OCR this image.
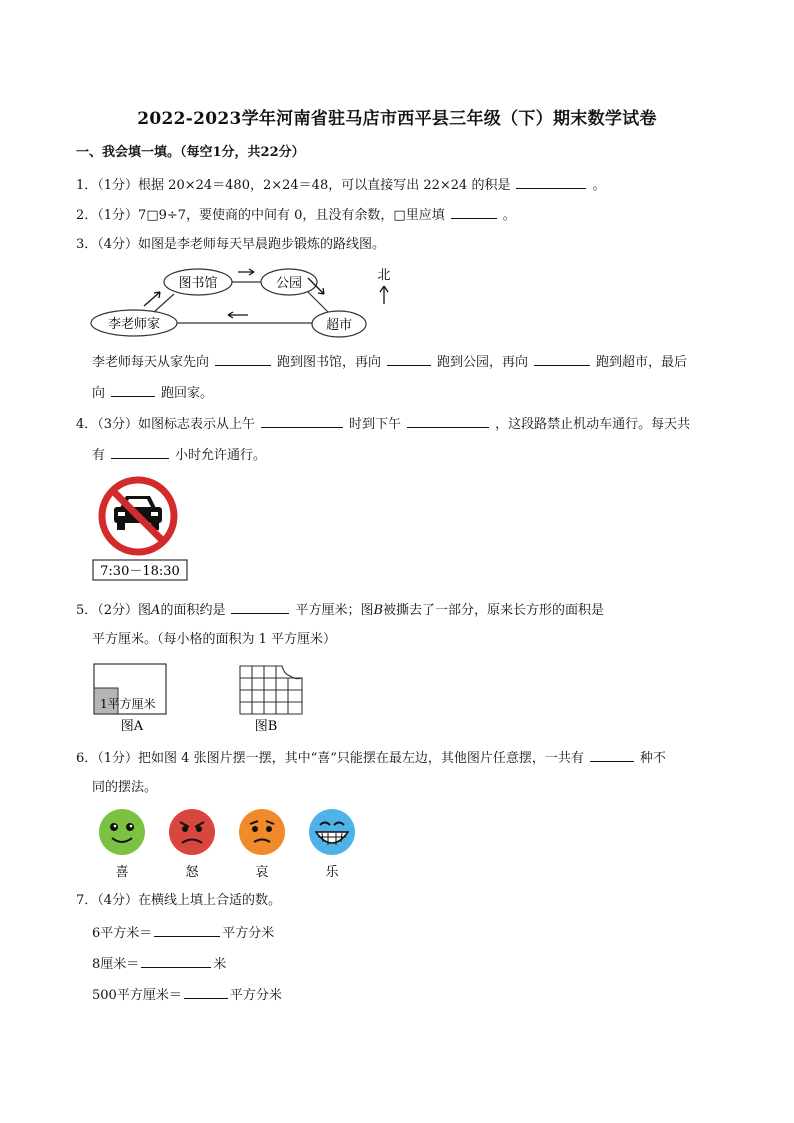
2022-2023学年河南省驻马店市西平县三年级（下）期末数学试卷
一、我会填一填。（每空1分，共22分）
1．（1分）根据 20×24＝480，2×24＝48，可以直接写出 22×24 的积是	。
2．（1分）7□9÷7，要使商的中间有 0，且没有余数，□里应填	。
3．（4分）如图是李老师每天早晨跑步锻炼的路线图。
图书馆	公园
李老师家	超市
北
李老师每天从家先向	跑到图书馆，再向	跑到公园，再向	跑到超市，最后
向	跑回家。
4．（3分）如图标志表示从上午	时到下午	，这段路禁止机动车通行。每天共
有	小时允许通行。
7:30－18:30
5．（2分）图A的面积约是	平方厘米；图B被撕去了一部分，原来长方形的面积是
平方厘米。（每小格的面积为 1 平方厘米）
1平方厘米
图A	图B
6．（1分）把如图 4 张图片摆一摆，其中“喜”只能摆在最左边，其他图片任意摆，一共有	种不
同的摆法。
喜	怒	哀	乐
7．（4分）在横线上填上合适的数。
6平方米＝	平方分米
8厘米＝	米
500平方厘米＝	平方分米
